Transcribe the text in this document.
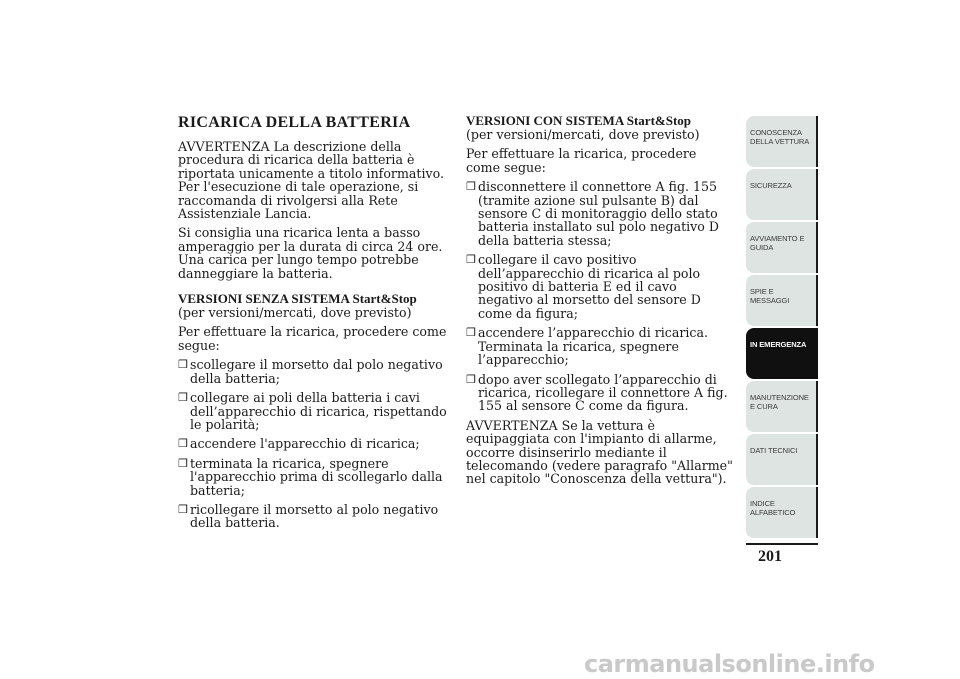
RICARICA DELLA BATTERIA
AVVERTENZA La descrizione della procedura di ricarica della batteria è riportata unicamente a titolo informativo. Per l'esecuzione di tale operazione, si raccomanda di rivolgersi alla Rete Assistenziale Lancia.
Si consiglia una ricarica lenta a basso amperaggio per la durata di circa 24 ore. Una carica per lungo tempo potrebbe danneggiare la batteria.
VERSIONI SENZA SISTEMA Start&Stop
(per versioni/mercati, dove previsto)
Per effettuare la ricarica, procedere come segue:
❒ scollegare il morsetto dal polo negativo della batteria;
❒ collegare ai poli della batteria i cavi dell’apparecchio di ricarica, rispettando le polarità;
❒ accendere l'apparecchio di ricarica;
❒ terminata la ricarica, spegnere l'apparecchio prima di scollegarlo dalla batteria;
❒ ricollegare il morsetto al polo negativo della batteria.
VERSIONI CON SISTEMA Start&Stop
(per versioni/mercati, dove previsto)
Per effettuare la ricarica, procedere come segue:
❒ disconnettere il connettore A fig. 155 (tramite azione sul pulsante B) dal sensore C di monitoraggio dello stato batteria installato sul polo negativo D della batteria stessa;
❒ collegare il cavo positivo dell’apparecchio di ricarica al polo positivo di batteria E ed il cavo negativo al morsetto del sensore D come da figura;
❒ accendere l’apparecchio di ricarica. Terminata la ricarica, spegnere l’apparecchio;
❒ dopo aver scollegato l’apparecchio di ricarica, ricollegare il connettore A fig. 155 al sensore C come da figura.
AVVERTENZA Se la vettura è equipaggiata con l'impianto di allarme, occorre disinserirlo mediante il telecomando (vedere paragrafo "Allarme" nel capitolo "Conoscenza della vettura").
CONOSCENZA DELLA VETTURA
SICUREZZA
AVVIAMENTO E GUIDA
SPIE E MESSAGGI
IN EMERGENZA
MANUTENZIONE E CURA
DATI TECNICI
INDICE ALFABETICO
201
carmanualsonline.info
